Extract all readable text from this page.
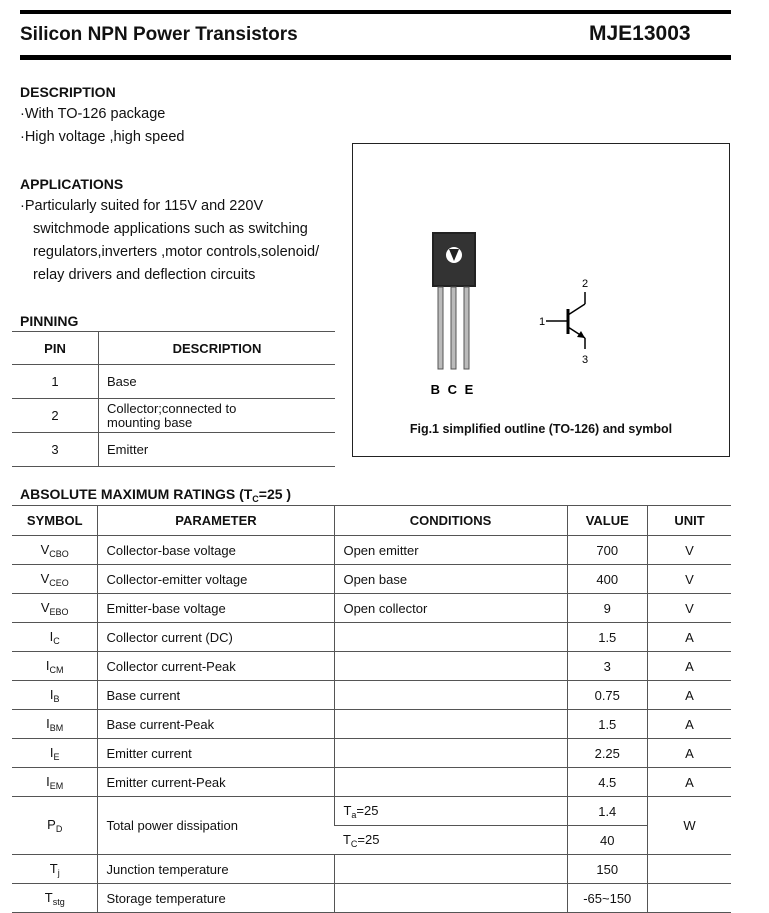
Silicon NPN Power Transistors	MJE13003
DESCRIPTION
·With TO-126 package
·High voltage ,high speed
APPLICATIONS
·Particularly suited for 115V and 220V
switchmode applications such as switching
regulators,inverters ,motor controls,solenoid/
relay drivers and deflection circuits
PINNING
PIN	DESCRIPTION
1	Base
2	Collector;connected to
mounting base
3	Emitter
B C E
1
2
3
Fig.1 simplified outline (TO-126) and symbol
ABSOLUTE MAXIMUM RATINGS ($T_C=25$ )
SYMBOL	PARAMETER	CONDITIONS	VALUE	UNIT
$V_{CBO}$	Collector-base voltage	Open emitter	700	V
$V_{CEO}$	Collector-emitter voltage	Open base	400	V
$V_{EBO}$	Emitter-base voltage	Open collector	9	V
$I_C$	Collector current (DC)		1.5	A
$I_{CM}$	Collector current-Peak		3	A
$I_B$	Base current		0.75	A
$I_{BM}$	Base current-Peak		1.5	A
$I_E$	Emitter current		2.25	A
$I_{EM}$	Emitter current-Peak		4.5	A
$P_D$	Total power dissipation	$T_a=25$	1.4	W
		$T_C=25$	40	
$T_j$	Junction temperature		150	
$T_{stg}$	Storage temperature		-65~150	
